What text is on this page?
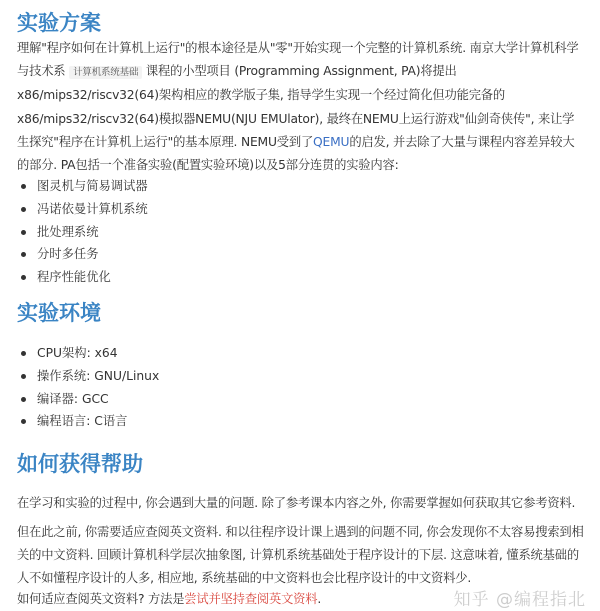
实验方案

理解"程序如何在计算机上运行"的根本途径是从"零"开始实现一个完整的计算机系统. 南京大学计算机科学与技术系 计算机系统基础 课程的小型项目 (Programming Assignment, PA)将提出x86/mips32/riscv32(64)架构相应的教学版子集, 指导学生实现一个经过简化但功能完备的x86/mips32/riscv32(64)模拟器NEMU(NJU EMUlator), 最终在NEMU上运行游戏"仙剑奇侠传", 来让学生探究"程序在计算机上运行"的基本原理. NEMU受到了QEMU的启发, 并去除了大量与课程内容差异较大的部分. PA包括一个准备实验(配置实验环境)以及5部分连贯的实验内容:

图灵机与简易调试器
冯诺依曼计算机系统
批处理系统
分时多任务
程序性能优化
实验环境
CPU架构: x64
操作系统: GNU/Linux
编译器: GCC
编程语言: C语言
如何获得帮助

在学习和实验的过程中, 你会遇到大量的问题. 除了参考课本内容之外, 你需要掌握如何获取其它参考资料.

但在此之前, 你需要适应查阅英文资料. 和以往程序设计课上遇到的问题不同, 你会发现你不太容易搜索到相关的中文资料. 回顾计算机科学层次抽象图, 计算机系统基础处于程序设计的下层. 这意味着, 懂系统基础的人不如懂程序设计的人多, 相应地, 系统基础的中文资料也会比程序设计的中文资料少.

如何适应查阅英文资料? 方法是尝试并坚持查阅英文资料.	知乎 @编程指北
